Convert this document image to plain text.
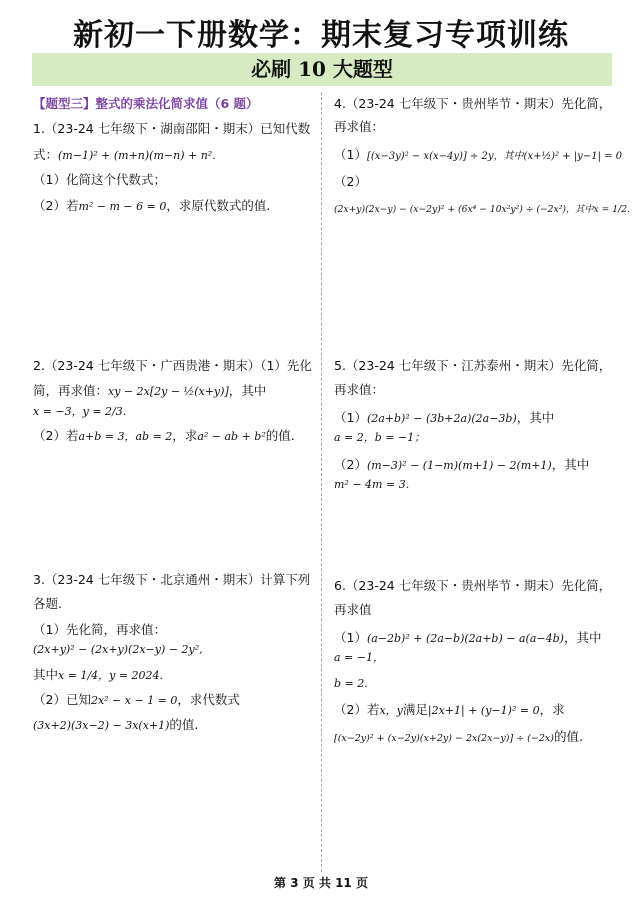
新初一下册数学：期末复习专项训练
必刷 10 大题型

【题型三】整式的乘法化简求值（6 题）

1.（23-24 七年级下・湖南邵阳・期末）已知代数

式：(m−1)² + (m+n)(m−n) + n².

（1）化简这个代数式；

（2）若m² − m − 6 = 0，求原代数式的值.

2.（23-24 七年级下・广西贵港・期末）（1）先化

简，再求值：xy − 2x[2y − ½(x+y)]，其中x = −3，y = 2/3.

（2）若a+b = 3，ab = 2，求a² − ab + b²的值.

3.（23-24 七年级下・北京通州・期末）计算下列

各题.

（1）先化简，再求值：(2x+y)² − (2x+y)(2x−y) − 2y²,

其中x = 1/4，y = 2024.

（2）已知2x² − x − 1 = 0，求代数式

(3x+2)(3x−2) − 3x(x+1)的值.

4.（23-24 七年级下・贵州毕节・期末）先化简，

再求值：

（1）[(x−3y)² − x(x−4y)] ÷ 2y，其中(x+½)² + |y−1| = 0

（2）

(2x+y)(2x−y) − (x−2y)² + (6x⁴ − 10x²y²) ÷ (−2x²)，其中x = 1/2.

5.（23-24 七年级下・江苏泰州・期末）先化简，

再求值：

（1）(2a+b)² − (3b+2a)(2a−3b)，其中a = 2，b = −1；

（2）(m−3)² − (1−m)(m+1) − 2(m+1)，其中m² − 4m = 3.

6.（23-24 七年级下・贵州毕节・期末）先化简，

再求值

（1）(a−2b)² + (2a−b)(2a+b) − a(a−4b)，其中a = −1，

b = 2.

（2）若x，y满足|2x+1| + (y−1)² = 0，求

[(x−2y)² + (x−2y)(x+2y) − 2x(2x−y)] ÷ (−2x)的值.

第 3 页 共 11 页
